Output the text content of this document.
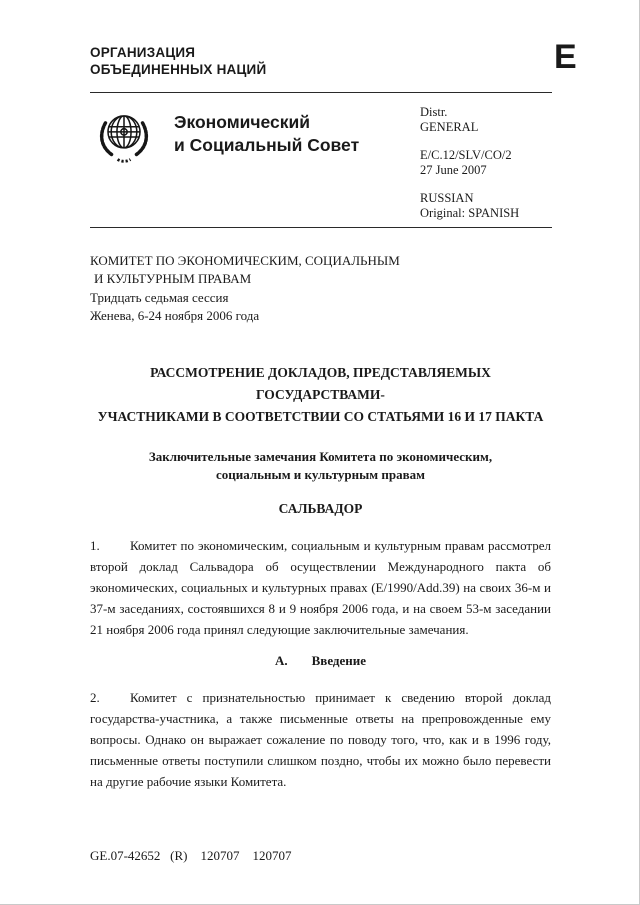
ОРГАНИЗАЦИЯ
ОБЪЕДИНЕННЫХ НАЦИЙ
Экономический
и Социальный Совет
Distr.
GENERAL
E/C.12/SLV/CO/2
27 June 2007
RUSSIAN
Original: SPANISH
КОМИТЕТ ПО ЭКОНОМИЧЕСКИМ, СОЦИАЛЬНЫМ
И КУЛЬТУРНЫМ ПРАВАМ
Тридцать седьмая сессия
Женева, 6-24 ноября 2006 года
РАССМОТРЕНИЕ ДОКЛАДОВ, ПРЕДСТАВЛЯЕМЫХ ГОСУДАРСТВАМИ-
УЧАСТНИКАМИ В СООТВЕТСТВИИ СО СТАТЬЯМИ 16 И 17 ПАКТА
Заключительные замечания Комитета по экономическим,
социальным и культурным правам
САЛЬВАДОР

1. Комитет по экономическим, социальным и культурным правам рассмотрел второй доклад Сальвадора об осуществлении Международного пакта об экономических, социальных и культурных правах (E/1990/Add.39) на своих 36-м и 37-м заседаниях, состоявшихся 8 и 9 ноября 2006 года, и на своем 53-м заседании 21 ноября 2006 года принял следующие заключительные замечания.

A. Введение

2. Комитет с признательностью принимает к сведению второй доклад государства-участника, а также письменные ответы на препровожденные ему вопросы. Однако он выражает сожаление по поводу того, что, как и в 1996 году, письменные ответы поступили слишком поздно, чтобы их можно было перевести на другие рабочие языки Комитета.

E
GE.07-42652   (R)    120707    120707
